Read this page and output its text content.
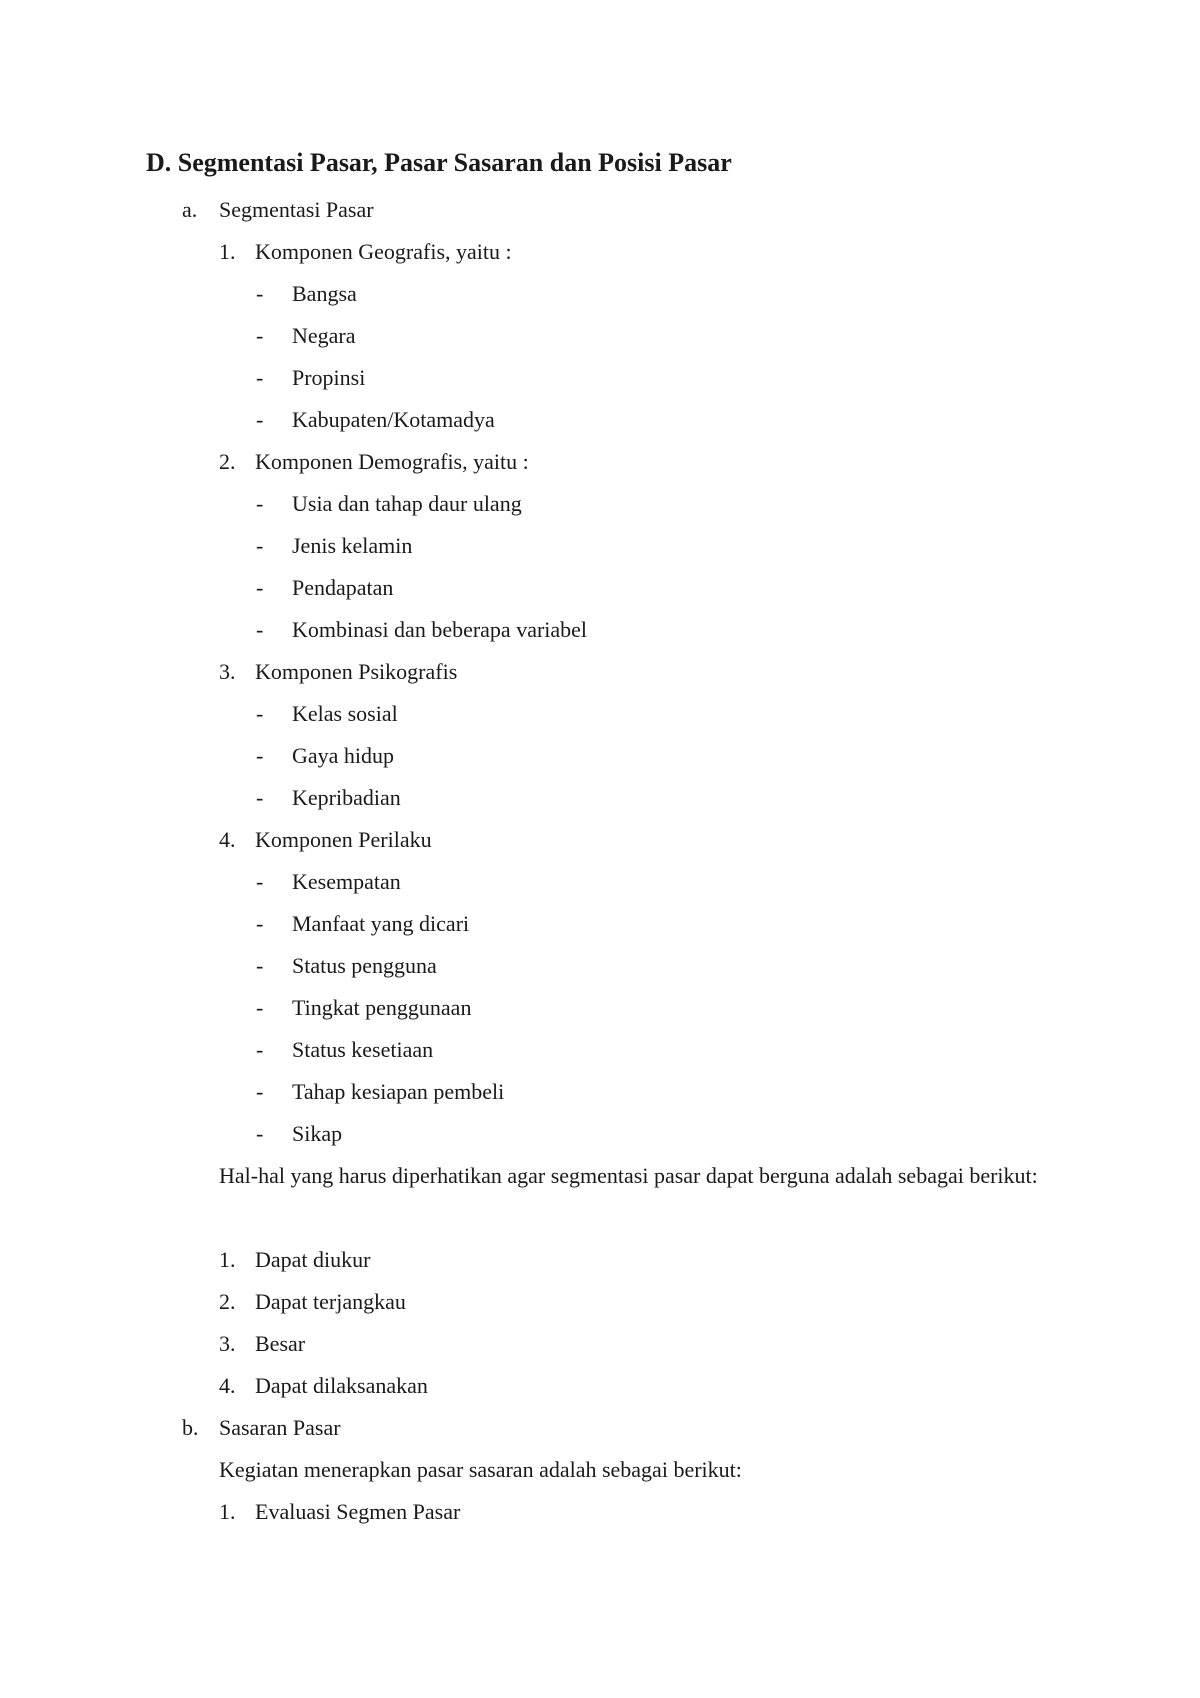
D. Segmentasi Pasar, Pasar Sasaran dan Posisi Pasar
a. Segmentasi Pasar
1. Komponen Geografis, yaitu :
- Bangsa
- Negara
- Propinsi
- Kabupaten/Kotamadya
2. Komponen Demografis, yaitu :
- Usia dan tahap daur ulang
- Jenis kelamin
- Pendapatan
- Kombinasi dan beberapa variabel
3. Komponen Psikografis
- Kelas sosial
- Gaya hidup
- Kepribadian
4. Komponen Perilaku
- Kesempatan
- Manfaat yang dicari
- Status pengguna
- Tingkat penggunaan
- Status kesetiaan
- Tahap kesiapan pembeli
- Sikap
Hal-hal yang harus diperhatikan agar segmentasi pasar dapat berguna adalah sebagai berikut:
1. Dapat diukur
2. Dapat terjangkau
3. Besar
4. Dapat dilaksanakan
b. Sasaran Pasar
Kegiatan menerapkan pasar sasaran adalah sebagai berikut:
1. Evaluasi Segmen Pasar
